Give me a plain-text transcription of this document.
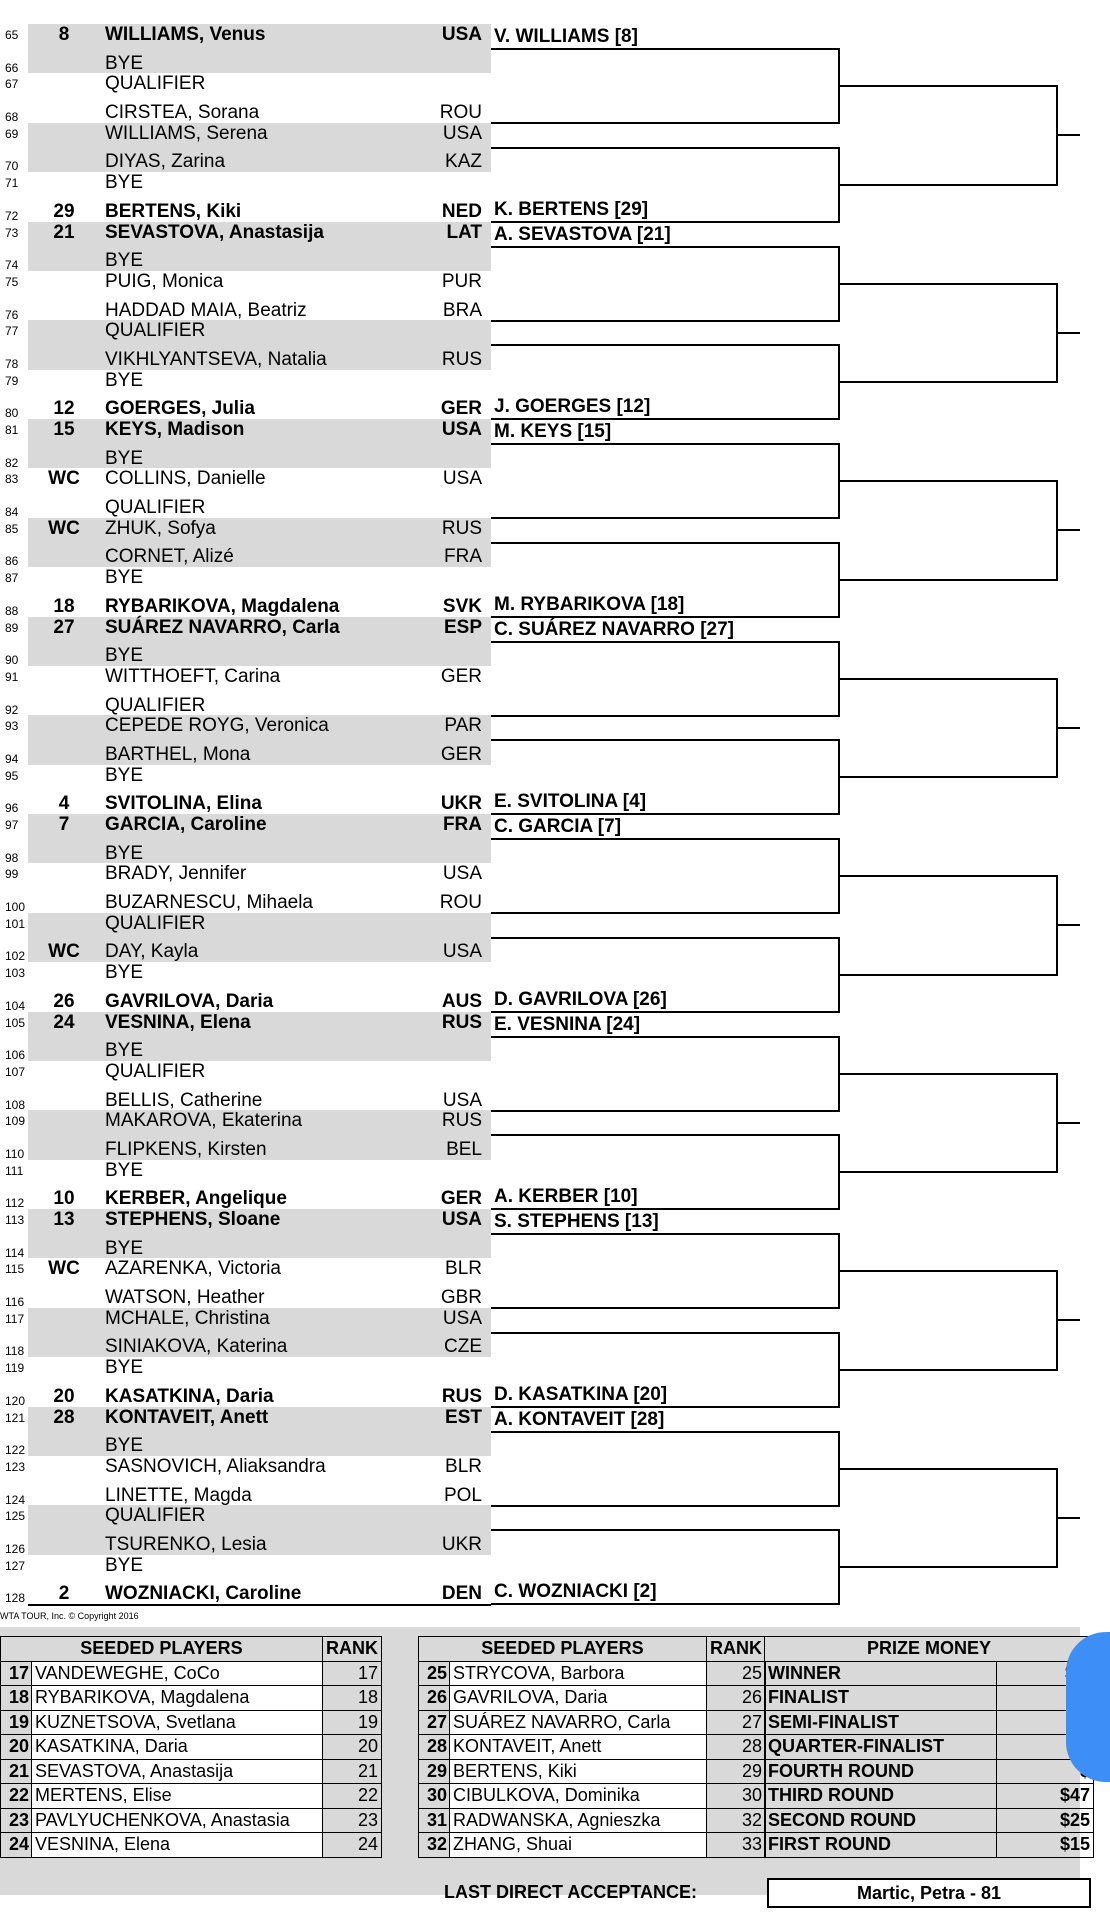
65	8	WILLIAMS, Venus	USA
66	BYE
67	QUALIFIER
68	CIRSTEA, Sorana	ROU
69	WILLIAMS, Serena	USA
70	DIYAS, Zarina	KAZ
71	BYE
72	29	BERTENS, Kiki	NED
73	21	SEVASTOVA, Anastasija	LAT
74	BYE
75	PUIG, Monica	PUR
76	HADDAD MAIA, Beatriz	BRA
77	QUALIFIER
78	VIKHLYANTSEVA, Natalia	RUS
79	BYE
80	12	GOERGES, Julia	GER
81	15	KEYS, Madison	USA
82	BYE
83	WC	COLLINS, Danielle	USA
84	QUALIFIER
85	WC	ZHUK, Sofya	RUS
86	CORNET, Alizé	FRA
87	BYE
88	18	RYBARIKOVA, Magdalena	SVK
89	27	SUÁREZ NAVARRO, Carla	ESP
90	BYE
91	WITTHOEFT, Carina	GER
92	QUALIFIER
93	CEPEDE ROYG, Veronica	PAR
94	BARTHEL, Mona	GER
95	BYE
96	4	SVITOLINA, Elina	UKR
97	7	GARCIA, Caroline	FRA
98	BYE
99	BRADY, Jennifer	USA
100	BUZARNESCU, Mihaela	ROU
101	QUALIFIER
102	WC	DAY, Kayla	USA
103	BYE
104	26	GAVRILOVA, Daria	AUS
105	24	VESNINA, Elena	RUS
106	BYE
107	QUALIFIER
108	BELLIS, Catherine	USA
109	MAKAROVA, Ekaterina	RUS
110	FLIPKENS, Kirsten	BEL
111	BYE
112	10	KERBER, Angelique	GER
113	13	STEPHENS, Sloane	USA
114	BYE
115	WC	AZARENKA, Victoria	BLR
116	WATSON, Heather	GBR
117	MCHALE, Christina	USA
118	SINIAKOVA, Katerina	CZE
119	BYE
120	20	KASATKINA, Daria	RUS
121	28	KONTAVEIT, Anett	EST
122	BYE
123	SASNOVICH, Aliaksandra	BLR
124	LINETTE, Magda	POL
125	QUALIFIER
126	TSURENKO, Lesia	UKR
127	BYE
128	2	WOZNIACKI, Caroline	DEN
V. WILLIAMS [8]
K. BERTENS [29]
A. SEVASTOVA [21]
J. GOERGES [12]
M. KEYS [15]
M. RYBARIKOVA [18]
C. SUÁREZ NAVARRO [27]
E. SVITOLINA [4]
C. GARCIA [7]
D. GAVRILOVA [26]
E. VESNINA [24]
A. KERBER [10]
S. STEPHENS [13]
D. KASATKINA [20]
A. KONTAVEIT [28]
C. WOZNIACKI [2]
WTA TOUR, Inc. © Copyright 2016
SEEDED PLAYERS		RANK
17	VANDEWEGHE, CoCo	17
18	RYBARIKOVA, Magdalena	18
19	KUZNETSOVA, Svetlana	19
20	KASATKINA, Daria	20
21	SEVASTOVA, Anastasija	21
22	MERTENS, Elise	22
23	PAVLYUCHENKOVA, Anastasia	23
24	VESNINA, Elena	24
SEEDED PLAYERS		RANK
25	STRYCOVA, Barbora	25
26	GAVRILOVA, Daria	26
27	SUÁREZ NAVARRO, Carla	27
28	KONTAVEIT, Anett	28
29	BERTENS, Kiki	29
30	CIBULKOVA, Dominika	30
31	RADWANSKA, Agnieszka	32
32	ZHANG, Shuai	33
PRIZE MONEY	
WINNER	
FINALIST	
SEMI-FINALIST	
QUARTER-FINALIST	
FOURTH ROUND	
THIRD ROUND	$47
SECOND ROUND	$25
FIRST ROUND	$15
LAST DIRECT ACCEPTANCE:	Martic, Petra - 81
